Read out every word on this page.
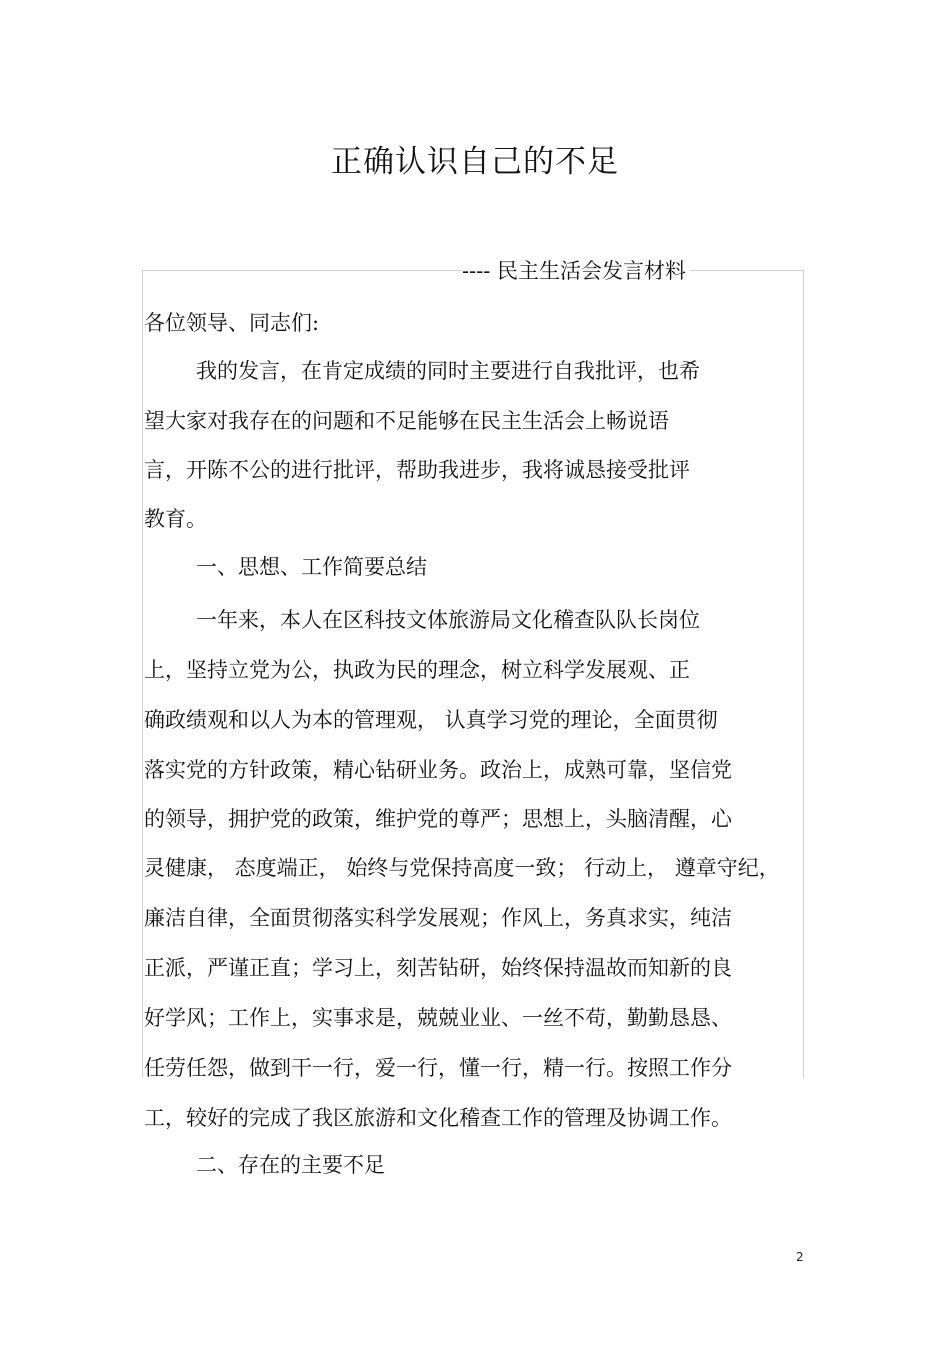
正确认识自己的不足
---- 民主生活会发言材料
各位领导、同志们:
我的发言，在肯定成绩的同时主要进行自我批评，也希
望大家对我存在的问题和不足能够在民主生活会上畅说语
言，开陈不公的进行批评，帮助我进步，我将诚恳接受批评
教育。
一、思想、工作简要总结
一年来，本人在区科技文体旅游局文化稽查队队长岗位
上，坚持立党为公，执政为民的理念，树立科学发展观、正
确政绩观和以人为本的管理观， 认真学习党的理论，全面贯彻
落实党的方针政策，精心钻研业务。政治上，成熟可靠，坚信党
的领导，拥护党的政策，维护党的尊严；思想上，头脑清醒，心
灵健康， 态度端正， 始终与党保持高度一致； 行动上， 遵章守纪，
廉洁自律，全面贯彻落实科学发展观；作风上，务真求实，纯洁
正派，严谨正直；学习上，刻苦钻研，始终保持温故而知新的良
好学风；工作上，实事求是，兢兢业业、一丝不苟，勤勤恳恳、
任劳任怨，做到干一行，爱一行，懂一行，精一行。按照工作分
工，较好的完成了我区旅游和文化稽查工作的管理及协调工作。
二、存在的主要不足
2
